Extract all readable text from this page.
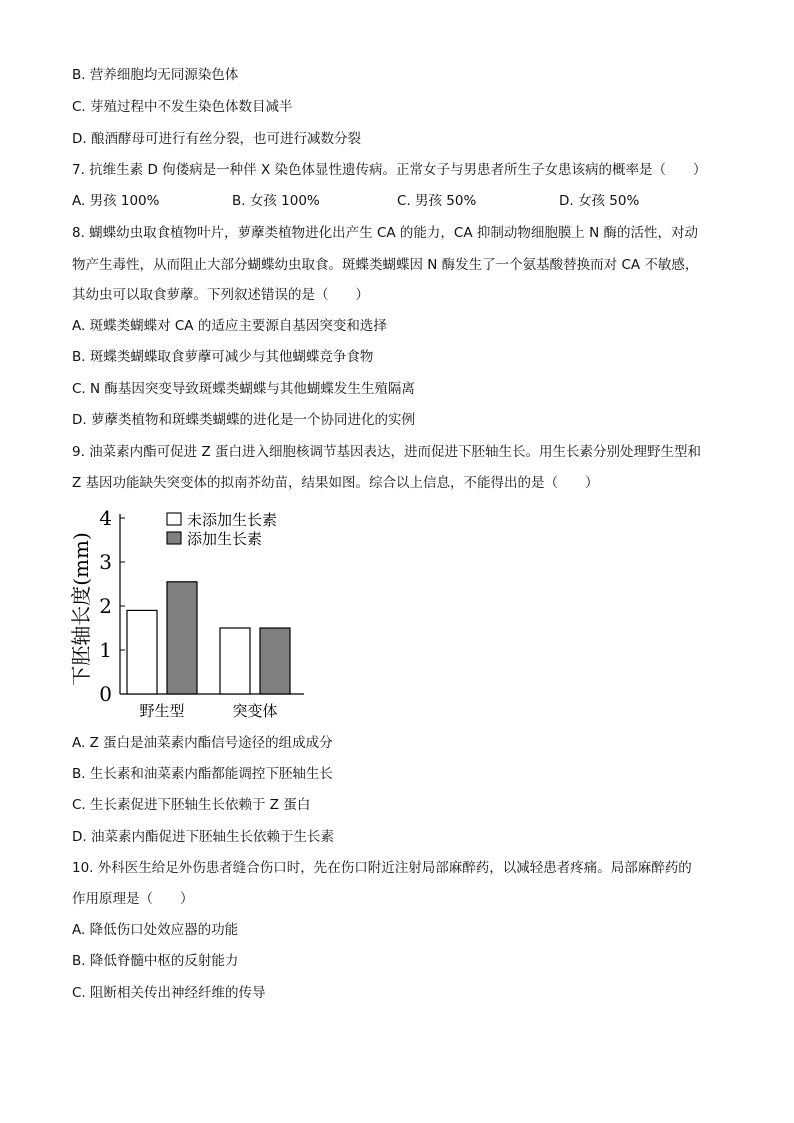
B. 营养细胞均无同源染色体
C. 芽殖过程中不发生染色体数目减半
D. 酿酒酵母可进行有丝分裂，也可进行减数分裂
7. 抗维生素 D 佝偻病是一种伴 X 染色体显性遗传病。正常女子与男患者所生子女患该病的概率是（　　）
A. 男孩 100%	B. 女孩 100%	C. 男孩 50%	D. 女孩 50%
8. 蝴蝶幼虫取食植物叶片，萝藦类植物进化出产生 CA 的能力，CA 抑制动物细胞膜上 N 酶的活性，对动
物产生毒性，从而阻止大部分蝴蝶幼虫取食。斑蝶类蝴蝶因 N 酶发生了一个氨基酸替换而对 CA 不敏感，
其幼虫可以取食萝藦。下列叙述错误的是（　　）
A. 斑蝶类蝴蝶对 CA 的适应主要源自基因突变和选择
B. 斑蝶类蝴蝶取食萝藦可减少与其他蝴蝶竞争食物
C. N 酶基因突变导致斑蝶类蝴蝶与其他蝴蝶发生生殖隔离
D. 萝藦类植物和斑蝶类蝴蝶的进化是一个协同进化的实例
9. 油菜素内酯可促进 Z 蛋白进入细胞核调节基因表达，进而促进下胚轴生长。用生长素分别处理野生型和
Z 基因功能缺失突变体的拟南芥幼苗，结果如图。综合以上信息，不能得出的是（　　）
下胚轴长度(mm)
0
1
2
3
4
野生型	突变体
未添加生长素
添加生长素
A. Z 蛋白是油菜素内酯信号途径的组成成分
B. 生长素和油菜素内酯都能调控下胚轴生长
C. 生长素促进下胚轴生长依赖于 Z 蛋白
D. 油菜素内酯促进下胚轴生长依赖于生长素
10. 外科医生给足外伤患者缝合伤口时，先在伤口附近注射局部麻醉药，以减轻患者疼痛。局部麻醉药的
作用原理是（　　）
A. 降低伤口处效应器的功能
B. 降低脊髓中枢的反射能力
C. 阻断相关传出神经纤维的传导
